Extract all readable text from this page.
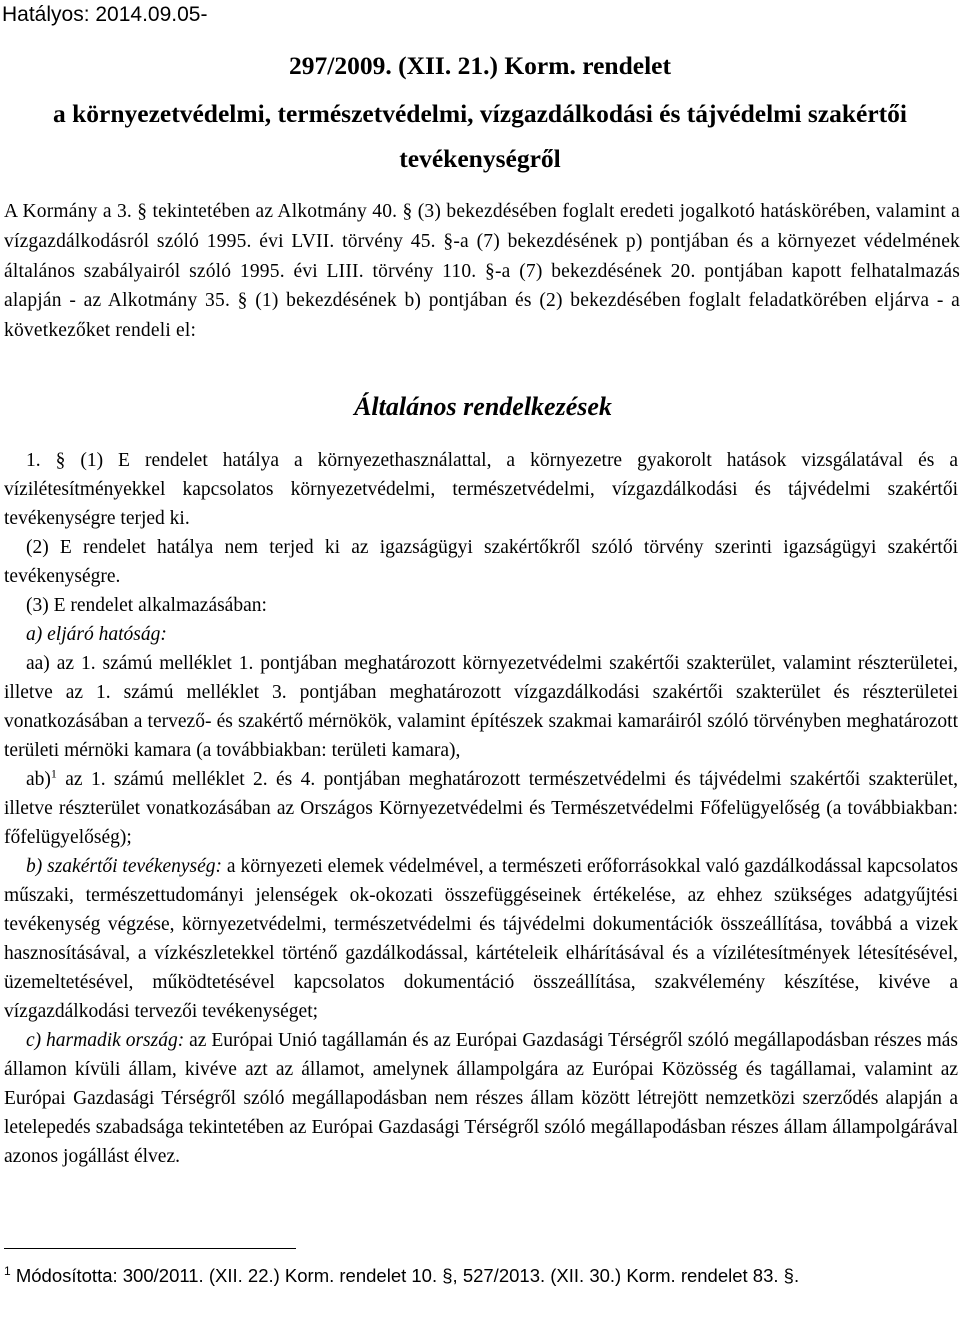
Hatályos: 2014.09.05-
297/2009. (XII. 21.) Korm. rendelet
a környezetvédelmi, természetvédelmi, vízgazdálkodási és tájvédelmi szakértői
tevékenységről

A Kormány a 3. § tekintetében az Alkotmány 40. § (3) bekezdésében foglalt eredeti jogalkotó hatáskörében, valamint a vízgazdálkodásról szóló 1995. évi LVII. törvény 45. §-a (7) bekezdésének p) pontjában és a környezet védelmének általános szabályairól szóló 1995. évi LIII. törvény 110. §-a (7) bekezdésének 20. pontjában kapott felhatalmazás alapján - az Alkotmány 35. § (1) bekezdésének b) pontjában és (2) bekezdésében foglalt feladatkörében eljárva - a következőket rendeli el:

Általános rendelkezések

1. § (1) E rendelet hatálya a környezethasználattal, a környezetre gyakorolt hatások vizsgálatával és a vízilétesítményekkel kapcsolatos környezetvédelmi, természetvédelmi, vízgazdálkodási és tájvédelmi szakértői tevékenységre terjed ki.

(2) E rendelet hatálya nem terjed ki az igazságügyi szakértőkről szóló törvény szerinti igazságügyi szakértői tevékenységre.

(3) E rendelet alkalmazásában:

a) eljáró hatóság:

aa) az 1. számú melléklet 1. pontjában meghatározott környezetvédelmi szakértői szakterület, valamint részterületei, illetve az 1. számú melléklet 3. pontjában meghatározott vízgazdálkodási szakértői szakterület és részterületei vonatkozásában a tervező- és szakértő mérnökök, valamint építészek szakmai kamaráiról szóló törvényben meghatározott területi mérnöki kamara (a továbbiakban: területi kamara),

ab)$^1$ az 1. számú melléklet 2. és 4. pontjában meghatározott természetvédelmi és tájvédelmi szakértői szakterület, illetve részterület vonatkozásában az Országos Környezetvédelmi és Természetvédelmi Főfelügyelőség (a továbbiakban: főfelügyelőség);

b) szakértői tevékenység: a környezeti elemek védelmével, a természeti erőforrásokkal való gazdálkodással kapcsolatos műszaki, természettudományi jelenségek ok-okozati összefüggéseinek értékelése, az ehhez szükséges adatgyűjtési tevékenység végzése, környezetvédelmi, természetvédelmi és tájvédelmi dokumentációk összeállítása, továbbá a vizek hasznosításával, a vízkészletekkel történő gazdálkodással, kártételeik elhárításával és a vízilétesítmények létesítésével, üzemeltetésével, működtetésével kapcsolatos dokumentáció összeállítása, szakvélemény készítése, kivéve a vízgazdálkodási tervezői tevékenységet;

c) harmadik ország: az Európai Unió tagállamán és az Európai Gazdasági Térségről szóló megállapodásban részes más államon kívüli állam, kivéve azt az államot, amelynek állampolgára az Európai Közösség és tagállamai, valamint az Európai Gazdasági Térségről szóló megállapodásban nem részes állam között létrejött nemzetközi szerződés alapján a letelepedés szabadsága tekintetében az Európai Gazdasági Térségről szóló megállapodásban részes állam állampolgárával azonos jogállást élvez.

$^1$ Módosította: 300/2011. (XII. 22.) Korm. rendelet 10. §, 527/2013. (XII. 30.) Korm. rendelet 83. §.
